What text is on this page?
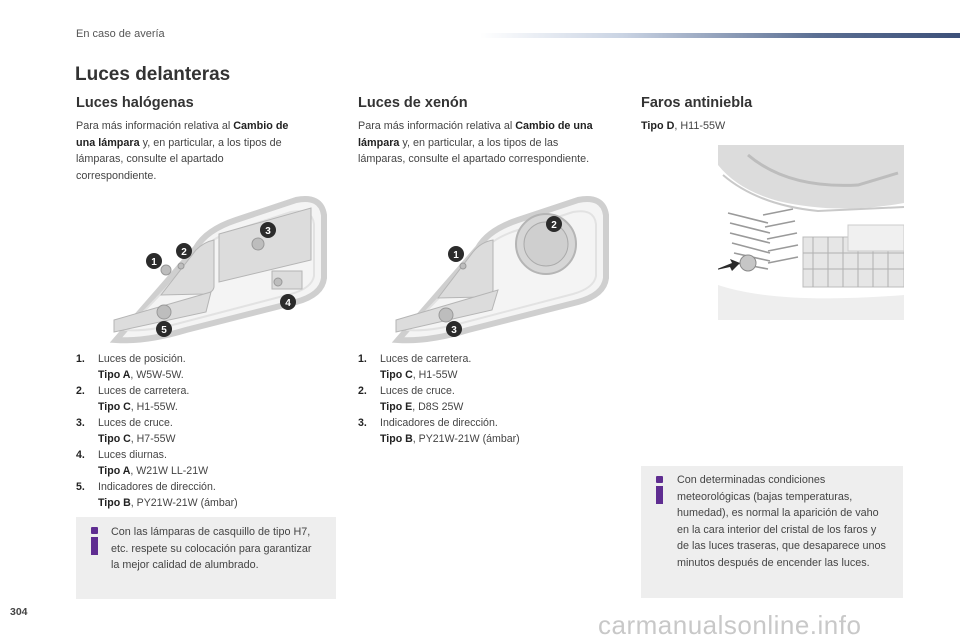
En caso de avería
Luces delanteras
Luces halógenas
Para más información relativa al Cambio de una lámpara y, en particular, a los tipos de lámparas, consulte el apartado correspondiente.
1
2
3
4
5
1.	Luces de posición.
Tipo A, W5W-5W.
2.	Luces de carretera.
Tipo C, H1-55W.
3.	Luces de cruce.
Tipo C, H7-55W
4.	Luces diurnas.
Tipo A, W21W LL-21W
5.	Indicadores de dirección.
Tipo B, PY21W-21W (ámbar)
Con las lámparas de casquillo de tipo H7, etc. respete su colocación para garantizar la mejor calidad de alumbrado.
Luces de xenón
Para más información relativa al Cambio de una lámpara y, en particular, a los tipos de las lámparas, consulte el apartado correspondiente.
1
2
3
1.	Luces de carretera.
Tipo C, H1-55W
2.	Luces de cruce.
Tipo E, D8S 25W
3.	Indicadores de dirección.
Tipo B, PY21W-21W (ámbar)
Faros antiniebla
Tipo D, H11-55W
Con determinadas condiciones meteorológicas (bajas temperaturas, humedad), es normal la aparición de vaho en la cara interior del cristal de los faros y de las luces traseras, que desaparece unos minutos después de encender las luces.
304	carmanualsonline.info
